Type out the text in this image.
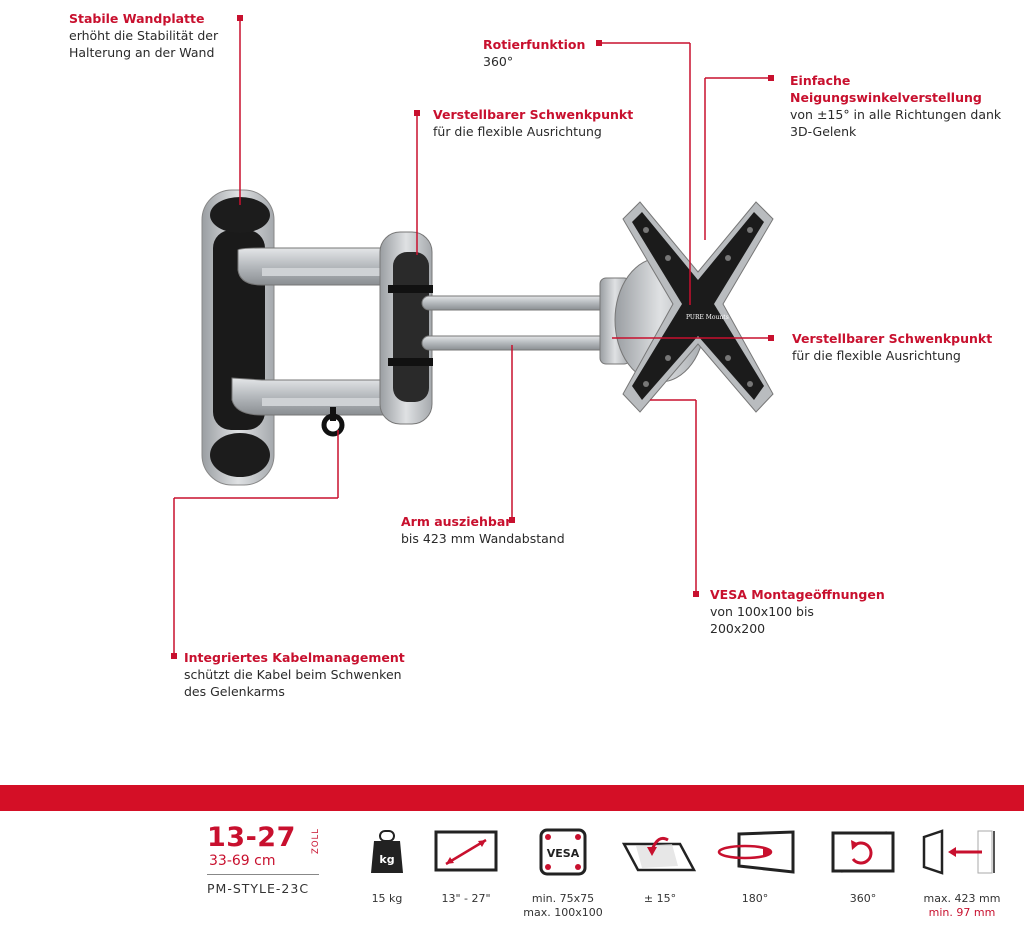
PURE Mounts
Stabile Wandplatte
erhöht die Stabilität der
Halterung an der Wand
Rotierfunktion
360°
Einfache
Neigungswinkelverstellung
von ±15° in alle Richtungen dank
3D-Gelenk
Verstellbarer Schwenkpunkt
für die flexible Ausrichtung
Verstellbarer Schwenkpunkt
für die flexible Ausrichtung
Arm ausziehbar
bis 423 mm Wandabstand
VESA Montageöffnungen
von 100x100 bis
200x200
Integriertes Kabelmanagement
schützt die Kabel beim Schwenken
des Gelenkarms
13-27	ZOLL
33-69 cm
PM-STYLE-23C
kg
15 kg	13" - 27"
VESA
min. 75x75
max. 100x100
± 15°	180°	360°	max. 423 mm
min. 97 mm
